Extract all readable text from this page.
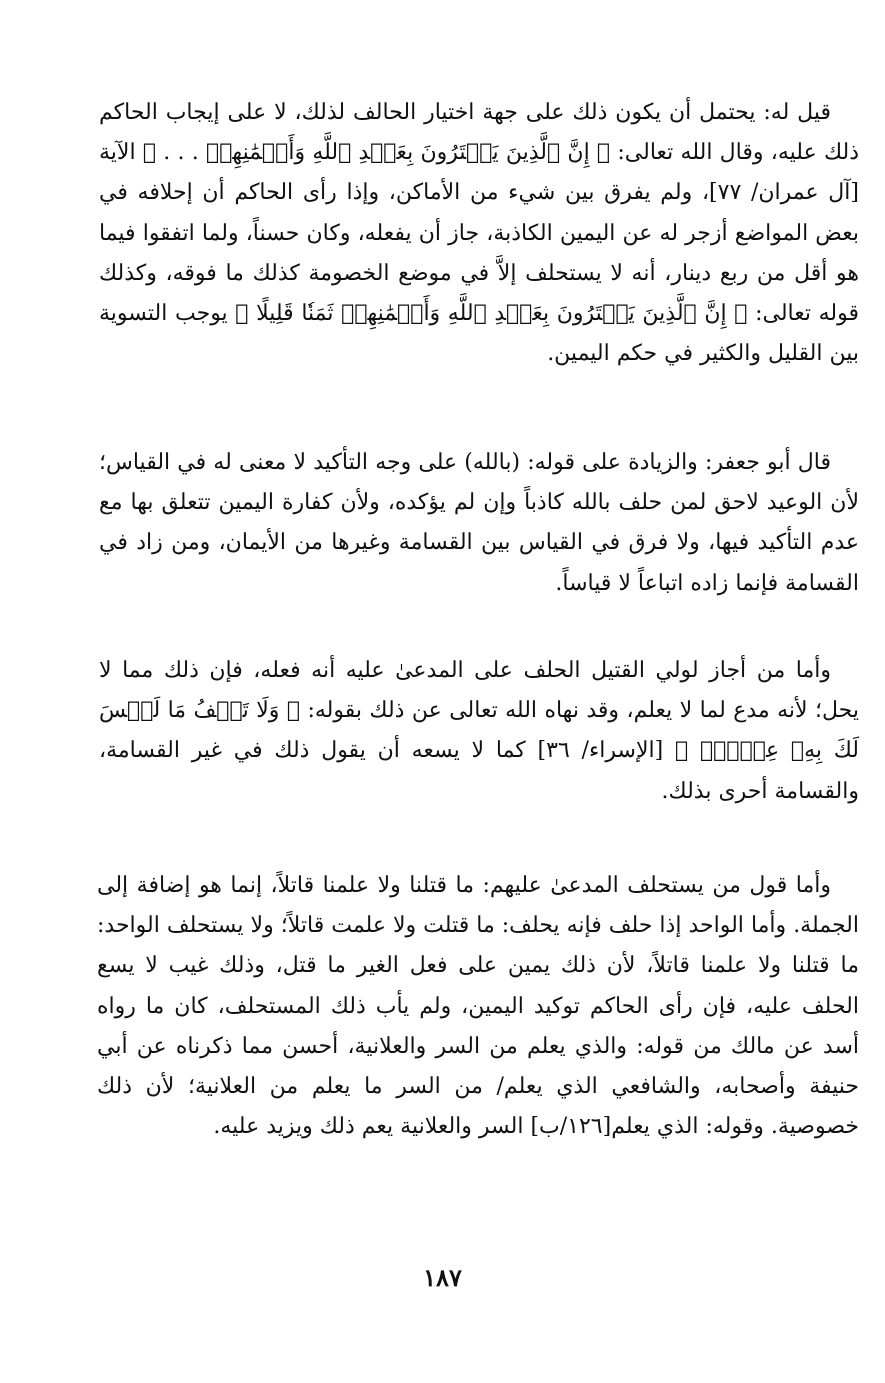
قيل له: يحتمل أن يكون ذلك على جهة اختيار الحالف لذلك، لا على إيجاب الحاكم ذلك عليه، وقال الله تعالى: ﴿ إِنَّ ٱلَّذِينَ يَشۡتَرُونَ بِعَهۡدِ ٱللَّهِ وَأَيۡمَٰنِهِمۡ . . . ﴾ الآية [آل عمران/ ٧٧]، ولم يفرق بين شيء من الأماكن، وإذا رأى الحاكم أن إحلافه في بعض المواضع أزجر له عن اليمين الكاذبة، جاز أن يفعله، وكان حسناً، ولما اتفقوا فيما هو أقل من ربع دينار، أنه لا يستحلف إلاَّ في موضع الخصومة كذلك ما فوقه، وكذلك قوله تعالى: ﴿ إِنَّ ٱلَّذِينَ يَشۡتَرُونَ بِعَهۡدِ ٱللَّهِ وَأَيۡمَٰنِهِمۡ ثَمَنٗا قَلِيلًا ﴾ يوجب التسوية بين القليل والكثير في حكم اليمين.

قال أبو جعفر: والزيادة على قوله: (بالله) على وجه التأكيد لا معنى له في القياس؛ لأن الوعيد لاحق لمن حلف بالله كاذباً وإن لم يؤكده، ولأن كفارة اليمين تتعلق بها مع عدم التأكيد فيها، ولا فرق في القياس بين القسامة وغيرها من الأيمان، ومن زاد في القسامة فإنما زاده اتباعاً لا قياساً.

وأما من أجاز لولي القتيل الحلف على المدعىٰ عليه أنه فعله، فإن ذلك مما لا يحل؛ لأنه مدع لما لا يعلم، وقد نهاه الله تعالى عن ذلك بقوله: ﴿ وَلَا تَقۡفُ مَا لَيۡسَ لَكَ بِهِۦ عِلۡمٌۚ ﴾ [الإسراء/ ٣٦] كما لا يسعه أن يقول ذلك في غير القسامة، والقسامة أحرى بذلك.

وأما قول من يستحلف المدعىٰ عليهم: ما قتلنا ولا علمنا قاتلاً، إنما هو إضافة إلى الجملة. وأما الواحد إذا حلف فإنه يحلف: ما قتلت ولا علمت قاتلاً؛ ولا يستحلف الواحد: ما قتلنا ولا علمنا قاتلاً، لأن ذلك يمين على فعل الغير ما قتل، وذلك غيب لا يسع الحلف عليه، فإن رأى الحاكم توكيد اليمين، ولم يأب ذلك المستحلف، كان ما رواه أسد عن مالك من قوله: والذي يعلم من السر والعلانية، أحسن مما ذكرناه عن أبي حنيفة وأصحابه، والشافعي الذي يعلم/ من السر ما يعلم من العلانية؛ لأن ذلك خصوصية. وقوله: الذي يعلم[١٢٦/ب] السر والعلانية يعم ذلك ويزيد عليه.

١٨٧
